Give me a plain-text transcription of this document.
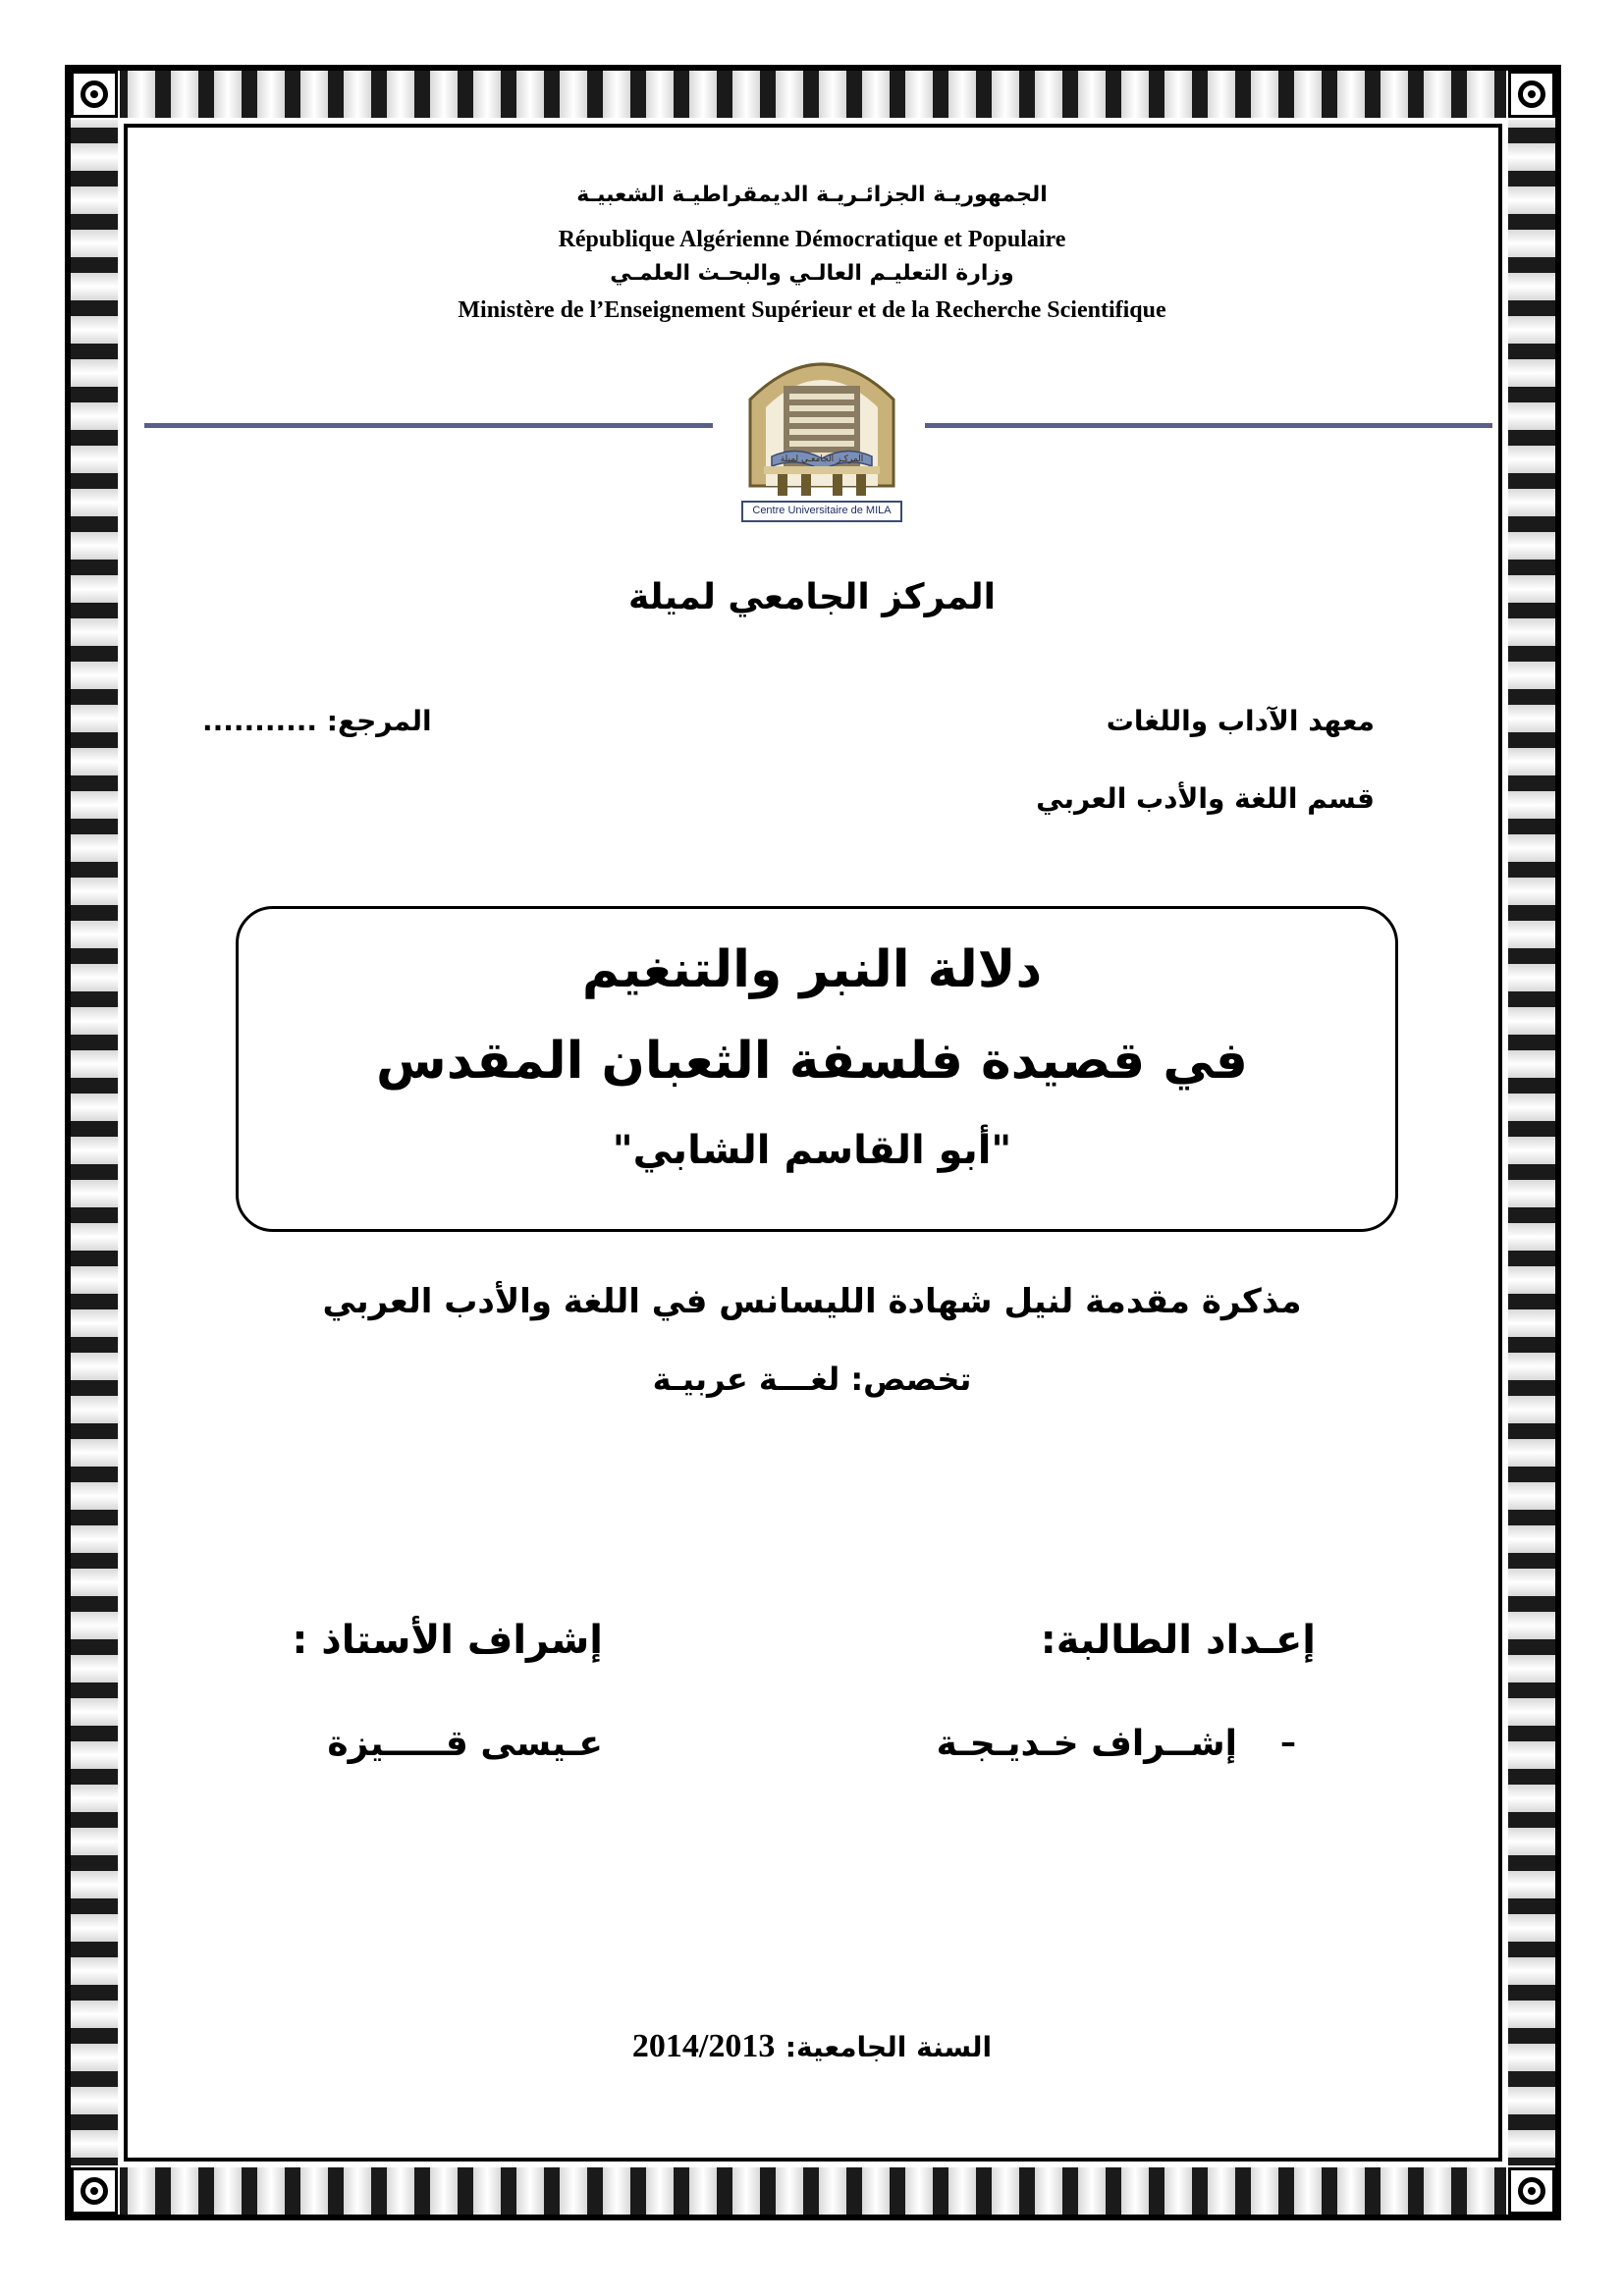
الجمهوريـة الجزائـريـة الديمقراطيـة الشعبيـة
République Algérienne Démocratique et Populaire
وزارة التعليـم العالـي والبحـث العلمـي
Ministère de l’Enseignement Supérieur et de la Recherche Scientifique
المركـز الجامعـي لميلة
Centre Universitaire de MILA
المركز الجامعي لميلة
معهد الآداب واللغات
قسم اللغة والأدب العربي
المرجع: ...........
دلالة النبر والتنغيم
في قصيدة فلسفة الثعبان المقدس
"أبو القاسم الشابي"
مذكرة مقدمة لنيل شهادة الليسانس في اللغة والأدب العربي
تخصص: لغـــة عربيـة
إعـداد الطالبة:
–
إشــراف خـديـجـة
إشراف الأستاذ :
عـيسى قـــــيزة
السنة الجامعية: 2014/2013
